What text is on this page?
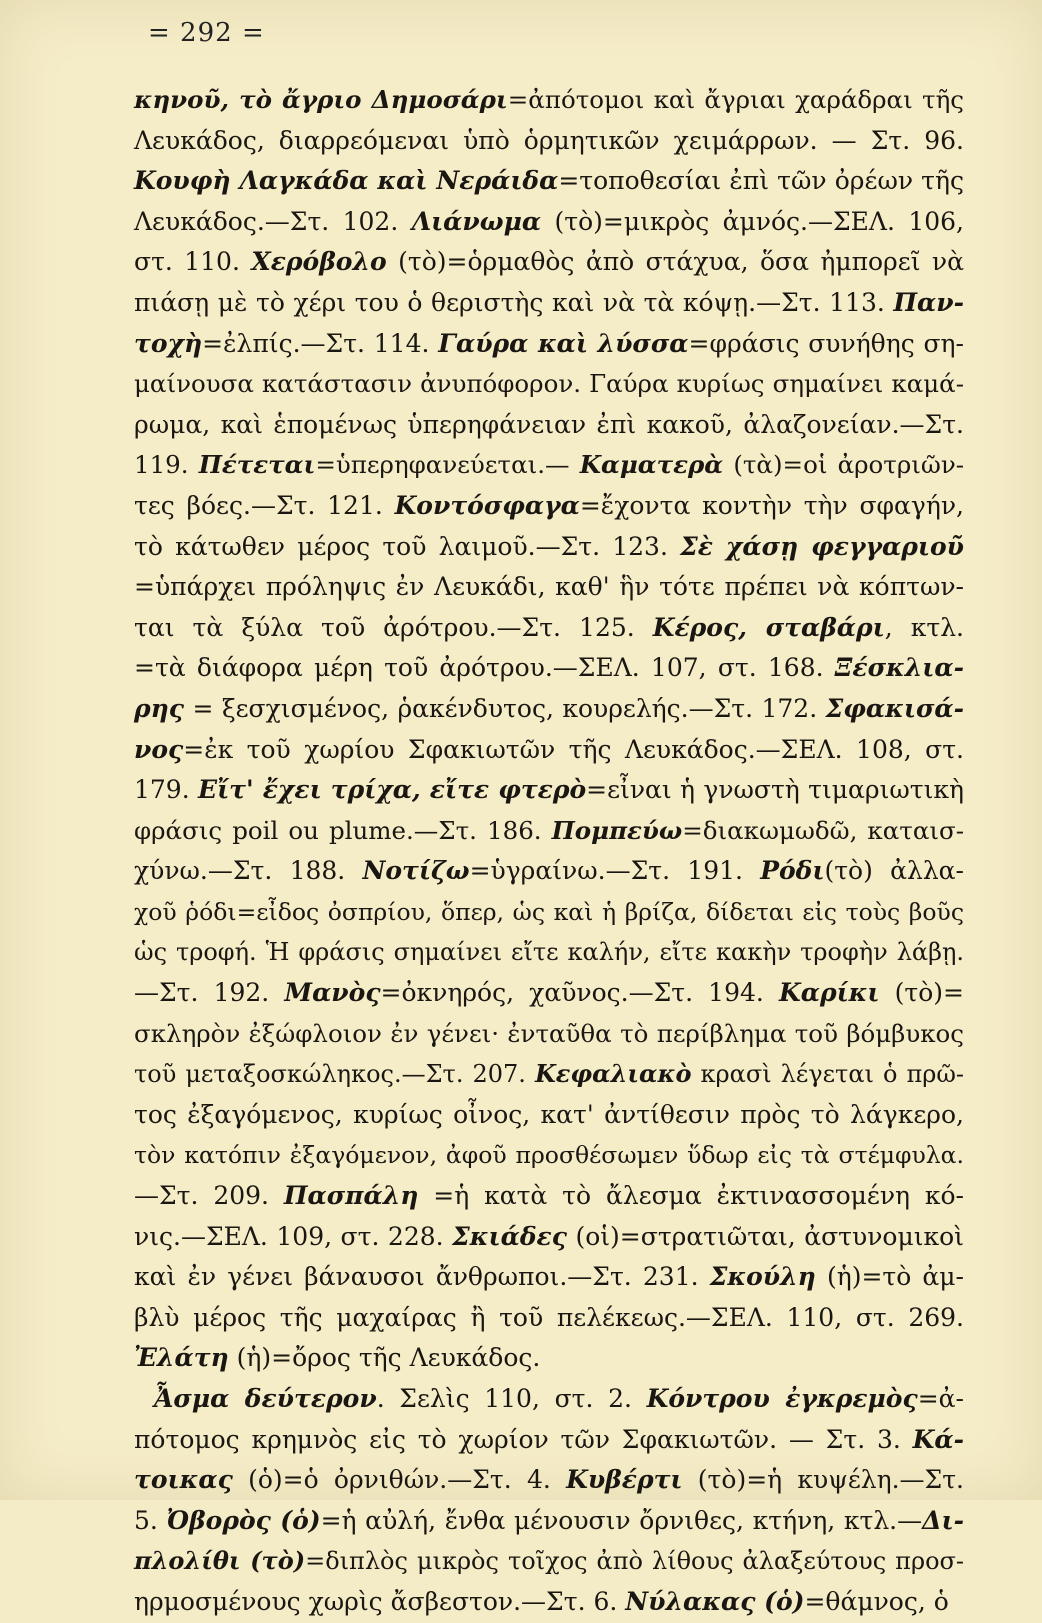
= 292 =
κηνοῦ, τὸ ἄγριο Δημοσάρι=ἀπότομοι καὶ ἄγριαι χαράδραι τῆς
Λευκάδος, διαρρεόμεναι ὑπὸ ὁρμητικῶν χειμάρρων. — Στ. 96.
Κουφὴ Λαγκάδα καὶ Νεράιδα=τοποθεσίαι ἐπὶ τῶν ὀρέων τῆς
Λευκάδος.—Στ. 102. Λιάνωμα (τὸ)=μικρὸς ἀμνός.—ΣΕΛ. 106,
στ. 110. Χερόβολο (τὸ)=ὁρμαθὸς ἀπὸ στάχυα, ὅσα ἠμπορεῖ νὰ
πιάσῃ μὲ τὸ χέρι του ὁ θεριστὴς καὶ νὰ τὰ κόψῃ.—Στ. 113. Παν-
τοχὴ=ἐλπίς.—Στ. 114. Γαύρα καὶ λύσσα=φράσις συνήθης ση-
μαίνουσα κατάστασιν ἀνυπόφορον. Γαύρα κυρίως σημαίνει καμά-
ρωμα, καὶ ἑπομένως ὑπερηφάνειαν ἐπὶ κακοῦ, ἀλαζονείαν.—Στ.
119. Πέτεται=ὑπερηφανεύεται.— Καματερὰ (τὰ)=οἱ ἀροτριῶν-
τες βόες.—Στ. 121. Κοντόσφαγα=ἔχοντα κοντὴν τὴν σφαγήν,
τὸ κάτωθεν μέρος τοῦ λαιμοῦ.—Στ. 123. Σὲ χάσῃ φεγγαριοῦ
=ὑπάρχει πρόληψις ἐν Λευκάδι, καθ' ἣν τότε πρέπει νὰ κόπτων-
ται τὰ ξύλα τοῦ ἀρότρου.—Στ. 125. Κέρος, σταβάρι, κτλ.
=τὰ διάφορα μέρη τοῦ ἀρότρου.—ΣΕΛ. 107, στ. 168. Ξέσκλια-
ρης = ξεσχισμένος, ῥακένδυτος, κουρελής.—Στ. 172. Σφακισά-
νος=ἐκ τοῦ χωρίου Σφακιωτῶν τῆς Λευκάδος.—ΣΕΛ. 108, στ.
179. Εἴτ' ἔχει τρίχα, εἴτε φτερὸ=εἶναι ἡ γνωστὴ τιμαριωτικὴ
φράσις poil ou plume.—Στ. 186. Πομπεύω=διακωμωδῶ, καταισ-
χύνω.—Στ. 188. Νοτίζω=ὑγραίνω.—Στ. 191. Ρόδι(τὸ) ἀλλα-
χοῦ ῥόδι=εἶδος ὀσπρίου, ὅπερ, ὡς καὶ ἡ βρίζα, δίδεται εἰς τοὺς βοῦς
ὡς τροφή. Ἡ φράσις σημαίνει εἴτε καλήν, εἴτε κακὴν τροφὴν λάβῃ.
—Στ. 192. Μανὸς=ὀκνηρός, χαῦνος.—Στ. 194. Καρίκι (τὸ)=
σκληρὸν ἐξώφλοιον ἐν γένει· ἐνταῦθα τὸ περίβλημα τοῦ βόμβυκος
τοῦ μεταξοσκώληκος.—Στ. 207. Κεφαλιακὸ κρασὶ λέγεται ὁ πρῶ-
τος ἐξαγόμενος, κυρίως οἶνος, κατ' ἀντίθεσιν πρὸς τὸ λάγκερο,
τὸν κατόπιν ἐξαγόμενον, ἀφοῦ προσθέσωμεν ὕδωρ εἰς τὰ στέμφυλα.
—Στ. 209. Πασπάλη =ἡ κατὰ τὸ ἄλεσμα ἐκτινασσομένη κό-
νις.—ΣΕΛ. 109, στ. 228. Σκιάδες (οἱ)=στρατιῶται, ἀστυνομικοὶ
καὶ ἐν γένει βάναυσοι ἄνθρωποι.—Στ. 231. Σκούλη (ἡ)=τὸ ἀμ-
βλὺ μέρος τῆς μαχαίρας ἢ τοῦ πελέκεως.—ΣΕΛ. 110, στ. 269.
Ἐλάτη (ἡ)=ὄρος τῆς Λευκάδος.
Ἆσμα δεύτερον. Σελὶς 110, στ. 2. Κόντρου ἐγκρεμὸς=ἀ-
πότομος κρημνὸς εἰς τὸ χωρίον τῶν Σφακιωτῶν. — Στ. 3. Κά-
τοικας (ὁ)=ὁ ὀρνιθών.—Στ. 4. Κυβέρτι (τὸ)=ἡ κυψέλη.—Στ.
5. Ὀβορὸς (ὁ)=ἡ αὐλή, ἔνθα μένουσιν ὄρνιθες, κτήνη, κτλ.—Δι-
πλολίθι (τὸ)=διπλὸς μικρὸς τοῖχος ἀπὸ λίθους ἀλαξεύτους προσ-
ηρμοσμένους χωρὶς ἄσβεστον.—Στ. 6. Νύλακας (ὁ)=θάμνος, ὁ
